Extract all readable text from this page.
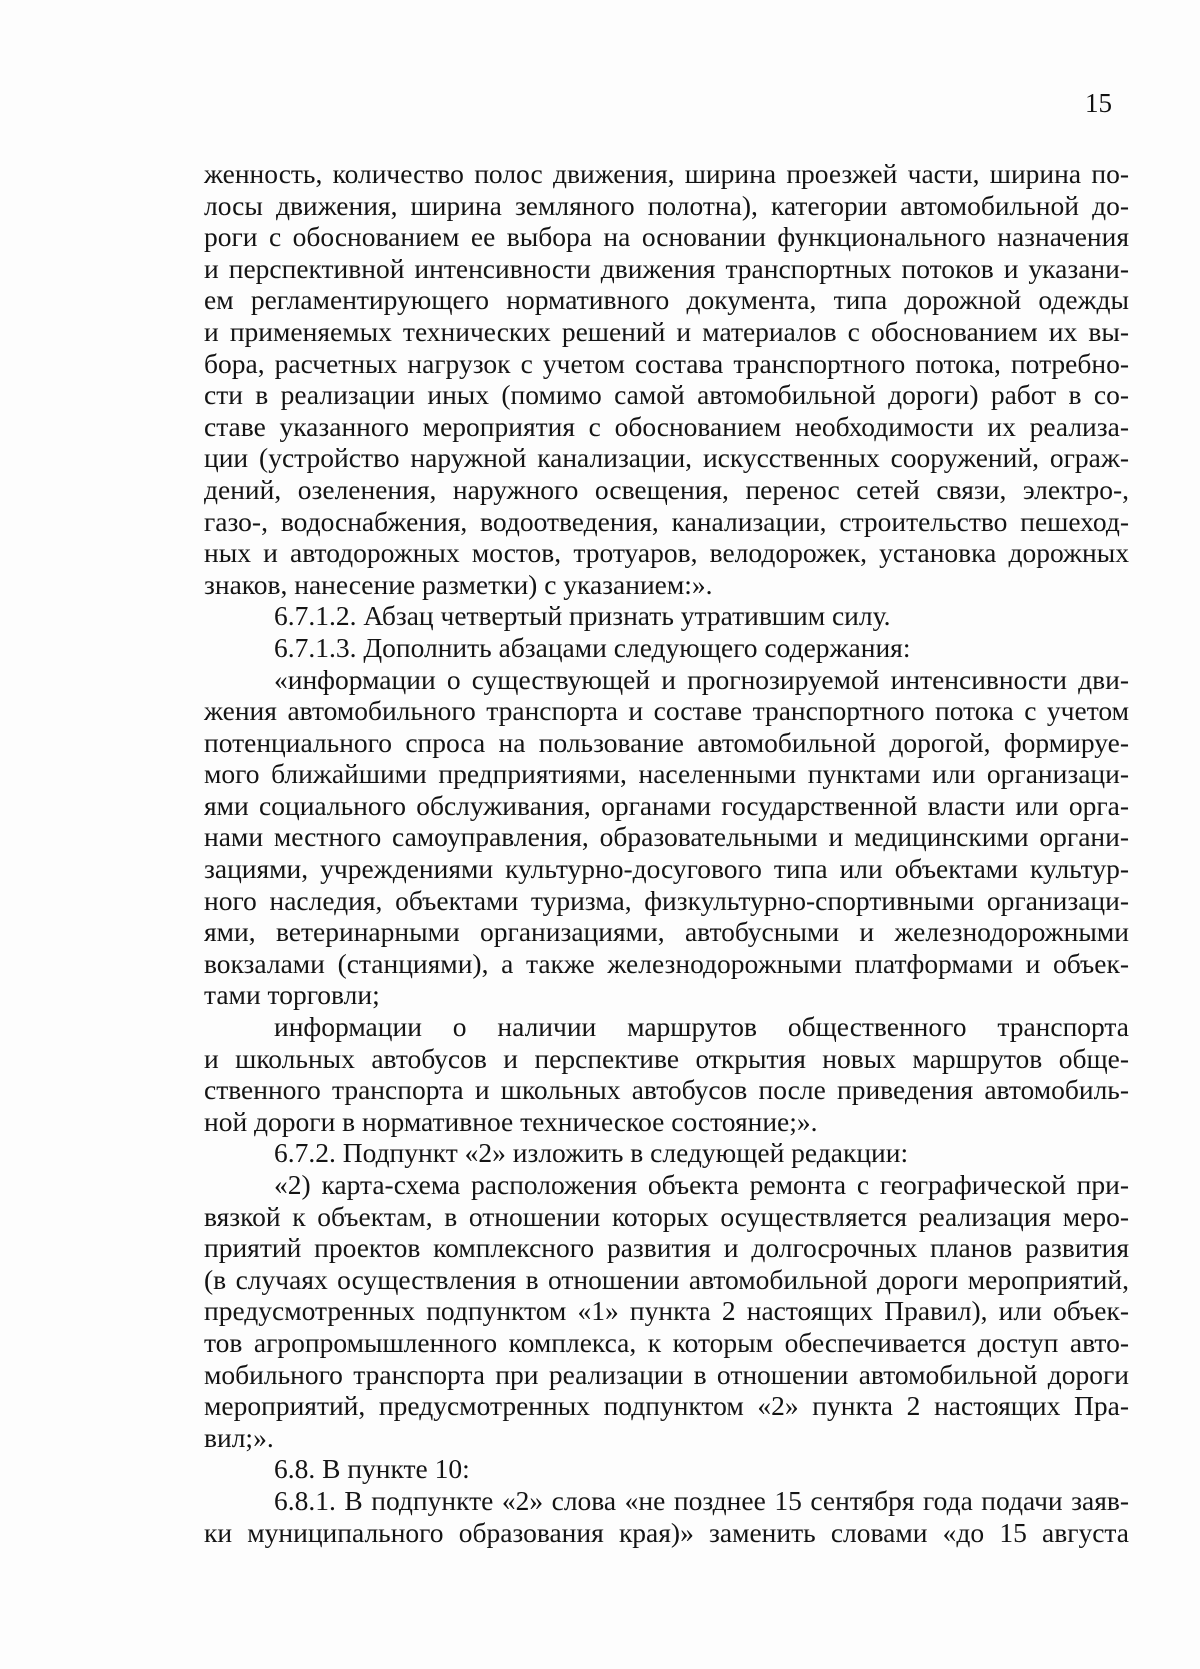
15

женность, количество полос движения, ширина проезжей части, ширина по-
лосы движения, ширина земляного полотна), категории автомобильной до-
роги с обоснованием ее выбора на основании функционального назначения
и перспективной интенсивности движения транспортных потоков и указани-
ем регламентирующего нормативного документа, типа дорожной одежды
и применяемых технических решений и материалов с обоснованием их вы-
бора, расчетных нагрузок с учетом состава транспортного потока, потребно-
сти в реализации иных (помимо самой автомобильной дороги) работ в со-
ставе указанного мероприятия с обоснованием необходимости их реализа-
ции (устройство наружной канализации, искусственных сооружений, ограж-
дений, озеленения, наружного освещения, перенос сетей связи, электро-,
газо-, водоснабжения, водоотведения, канализации, строительство пешеход-
ных и автодорожных мостов, тротуаров, велодорожек, установка дорожных
знаков, нанесение разметки) с указанием:».

6.7.1.2. Абзац четвертый признать утратившим силу.

6.7.1.3. Дополнить абзацами следующего содержания:

«информации о существующей и прогнозируемой интенсивности дви-
жения автомобильного транспорта и составе транспортного потока с учетом
потенциального спроса на пользование автомобильной дорогой, формируе-
мого ближайшими предприятиями, населенными пунктами или организаци-
ями социального обслуживания, органами государственной власти или орга-
нами местного самоуправления, образовательными и медицинскими органи-
зациями, учреждениями культурно-досугового типа или объектами культур-
ного наследия, объектами туризма, физкультурно-спортивными организаци-
ями, ветеринарными организациями, автобусными и железнодорожными
вокзалами (станциями), а также железнодорожными платформами и объек-
тами торговли;

информации о наличии маршрутов общественного транспорта
и школьных автобусов и перспективе открытия новых маршрутов обще-
ственного транспорта и школьных автобусов после приведения автомобиль-
ной дороги в нормативное техническое состояние;».

6.7.2. Подпункт «2» изложить в следующей редакции:

«2) карта-схема расположения объекта ремонта с географической при-
вязкой к объектам, в отношении которых осуществляется реализация меро-
приятий проектов комплексного развития и долгосрочных планов развития
(в случаях осуществления в отношении автомобильной дороги мероприятий,
предусмотренных подпунктом «1» пункта 2 настоящих Правил), или объек-
тов агропромышленного комплекса, к которым обеспечивается доступ авто-
мобильного транспорта при реализации в отношении автомобильной дороги
мероприятий, предусмотренных подпунктом «2» пункта 2 настоящих Пра-
вил;».

6.8. В пункте 10:

6.8.1. В подпункте «2» слова «не позднее 15 сентября года подачи заяв-
ки муниципального образования края)» заменить словами «до 15 августа
